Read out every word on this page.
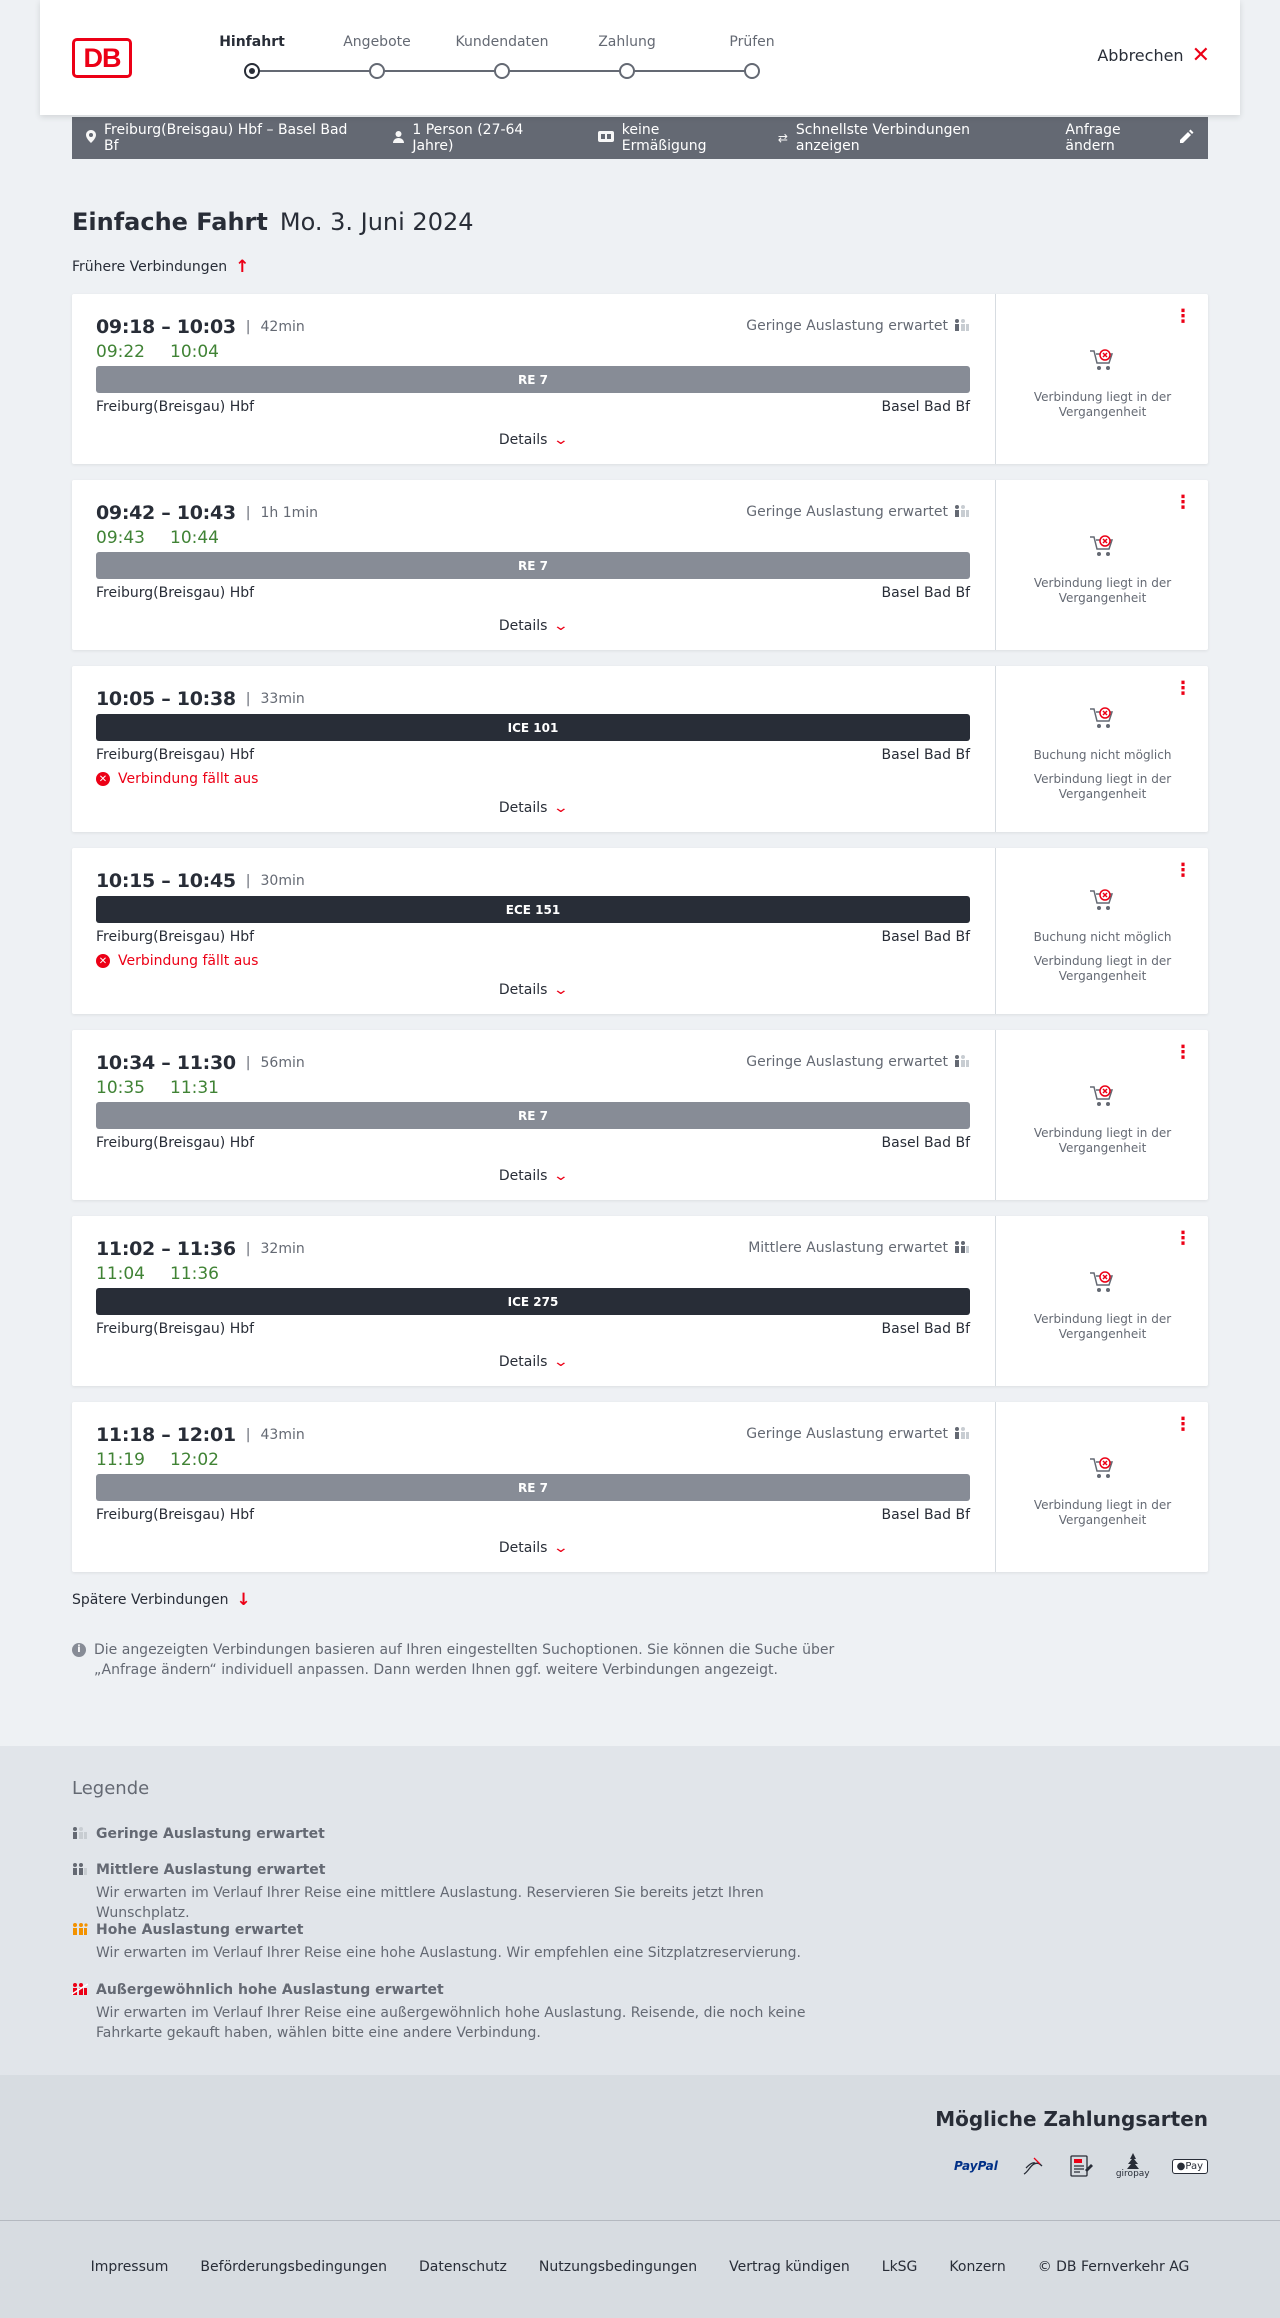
DB
Hinfahrt	Angebote	Kundendaten	Zahlung	Prüfen
Abbrechen ✕
Freiburg(Breisgau) Hbf – Basel Bad Bf
1 Person (27-64 Jahre)
keine Ermäßigung	⇄ Schnellste Verbindungen anzeigen
Anfrage ändern
Einfache Fahrt Mo. 3. Juni 2024
Frühere Verbindungen ↑
09:18 – 10:03 | 42min
09:22 10:04
Geringe Auslastung erwartet
RE 7
Freiburg(Breisgau) Hbf	Basel Bad Bf
Details ⌄
⋮
Verbindung liegt in der Vergangenheit
09:42 – 10:43 | 1h 1min
09:43 10:44
Geringe Auslastung erwartet
RE 7
Freiburg(Breisgau) Hbf	Basel Bad Bf
Details ⌄
⋮
Verbindung liegt in der Vergangenheit
10:05 – 10:38 | 33min
ICE 101
Freiburg(Breisgau) Hbf	Basel Bad Bf
✕ Verbindung fällt aus
Details ⌄
⋮
Buchung nicht möglich
Verbindung liegt in der Vergangenheit
10:15 – 10:45 | 30min
ECE 151
Freiburg(Breisgau) Hbf	Basel Bad Bf
✕ Verbindung fällt aus
Details ⌄
⋮
Buchung nicht möglich
Verbindung liegt in der Vergangenheit
10:34 – 11:30 | 56min
10:35 11:31
Geringe Auslastung erwartet
RE 7
Freiburg(Breisgau) Hbf	Basel Bad Bf
Details ⌄
⋮
Verbindung liegt in der Vergangenheit
11:02 – 11:36 | 32min
11:04 11:36
Mittlere Auslastung erwartet
ICE 275
Freiburg(Breisgau) Hbf	Basel Bad Bf
Details ⌄
⋮
Verbindung liegt in der Vergangenheit
11:18 – 12:01 | 43min
11:19 12:02
Geringe Auslastung erwartet
RE 7
Freiburg(Breisgau) Hbf	Basel Bad Bf
Details ⌄
⋮
Verbindung liegt in der Vergangenheit
Spätere Verbindungen ↓
i Die angezeigten Verbindungen basieren auf Ihren eingestellten Suchoptionen. Sie können die Suche über „Anfrage ändern“ individuell anpassen. Dann werden Ihnen ggf. weitere Verbindungen angezeigt.
Legende
Geringe Auslastung erwartet
Mittlere Auslastung erwartet
Wir erwarten im Verlauf Ihrer Reise eine mittlere Auslastung. Reservieren Sie bereits jetzt Ihren Wunschplatz.
Hohe Auslastung erwartet
Wir erwarten im Verlauf Ihrer Reise eine hohe Auslastung. Wir empfehlen eine Sitzplatzreservierung.
Außergewöhnlich hohe Auslastung erwartet
Wir erwarten im Verlauf Ihrer Reise eine außergewöhnlich hohe Auslastung. Reisende, die noch keine Fahrkarte gekauft haben, wählen bitte eine andere Verbindung.
Mögliche Zahlungsarten
PayPal
giropay
● Pay
Impressum Beförderungsbedingungen Datenschutz Nutzungsbedingungen Vertrag kündigen LkSG Konzern © DB Fernverkehr AG
